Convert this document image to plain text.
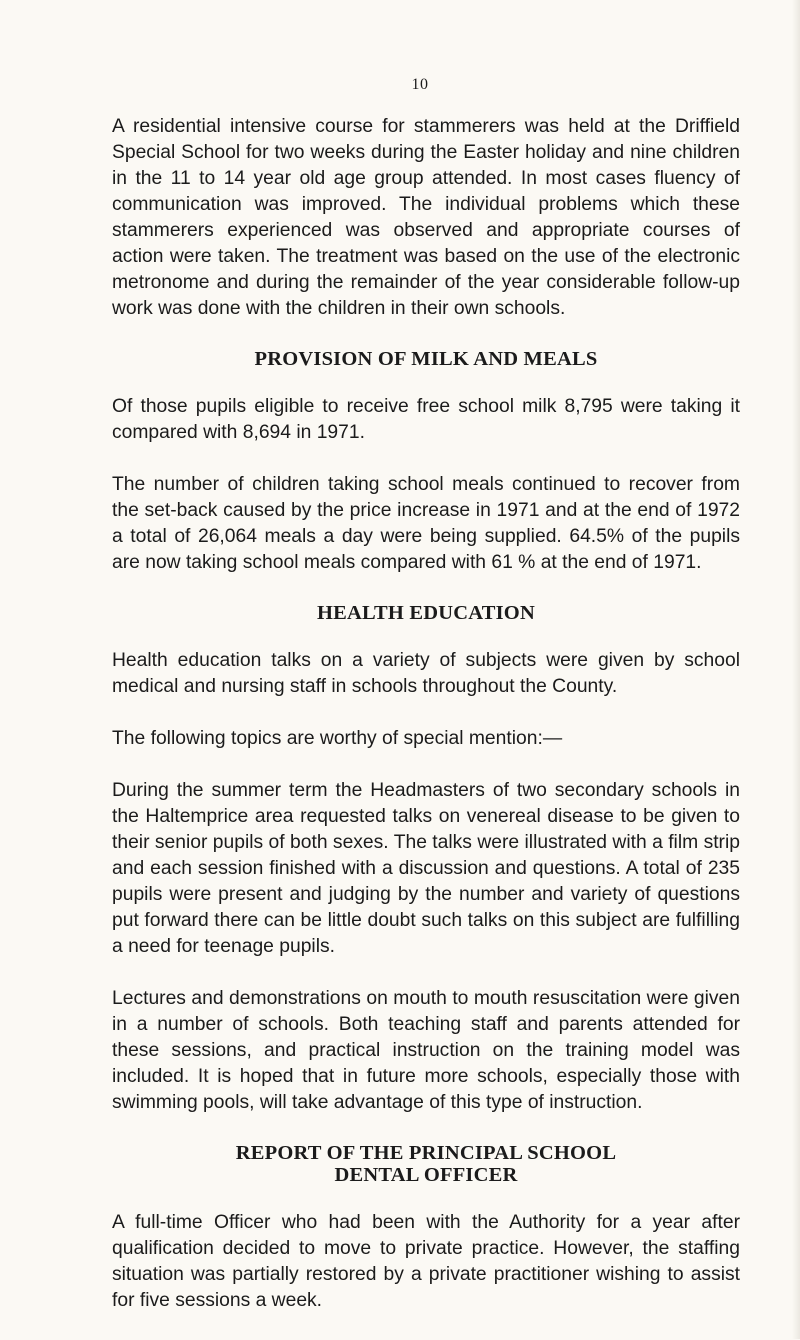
10

A residential intensive course for stammerers was held at the Driffield Special School for two weeks during the Easter holiday and nine children in the 11 to 14 year old age group attended. In most cases fluency of communication was improved. The individual problems which these stammerers experienced was observed and appropriate courses of action were taken. The treatment was based on the use of the electronic metronome and during the remainder of the year considerable follow-up work was done with the children in their own schools.

PROVISION OF MILK AND MEALS

Of those pupils eligible to receive free school milk 8,795 were taking it compared with 8,694 in 1971.

The number of children taking school meals continued to recover from the set-back caused by the price increase in 1971 and at the end of 1972 a total of 26,064 meals a day were being supplied. 64.5% of the pupils are now taking school meals compared with 61 % at the end of 1971.

HEALTH EDUCATION

Health education talks on a variety of subjects were given by school medical and nursing staff in schools throughout the County.

The following topics are worthy of special mention:—

During the summer term the Headmasters of two secondary schools in the Haltemprice area requested talks on venereal disease to be given to their senior pupils of both sexes. The talks were illustrated with a film strip and each session finished with a discussion and questions. A total of 235 pupils were present and judging by the number and variety of questions put forward there can be little doubt such talks on this subject are fulfilling a need for teenage pupils.

Lectures and demonstrations on mouth to mouth resuscitation were given in a number of schools. Both teaching staff and parents attended for these sessions, and practical instruction on the training model was included. It is hoped that in future more schools, especially those with swimming pools, will take advantage of this type of instruction.

REPORT OF THE PRINCIPAL SCHOOL
DENTAL OFFICER

A full-time Officer who had been with the Authority for a year after qualification decided to move to private practice. However, the staffing situation was partially restored by a private practitioner wishing to assist for five sessions a week.
